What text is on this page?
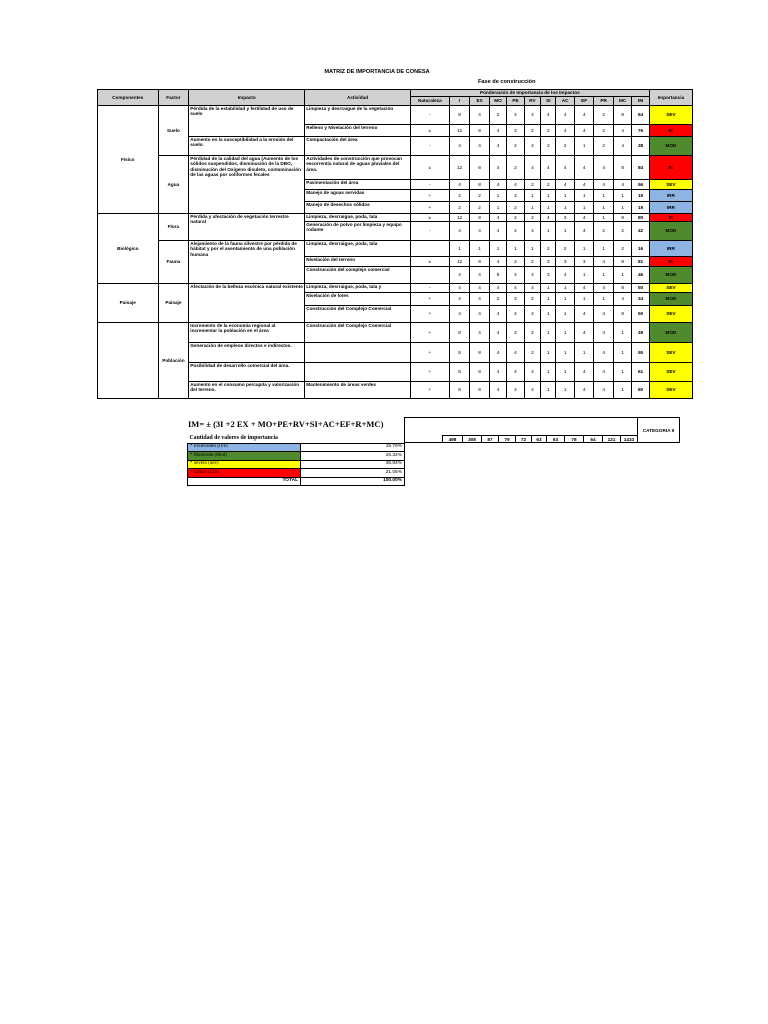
MATRIZ DE IMPORTANCIA DE CONESA
Fase de construcción
Componentes	Factor	Impacto	Actividad	Ponderación de Importancia de los Impactos												Importancia
				Naturaleza	I	EX	MO	PE	RV	SI	AC	EF	PR	MC	IM	
Físico	Suelo	Pérdida de la estabilidad y fertilidad de uso de suelo	Limpieza y desrraigue de la vegetación	-	8	4	2	4	4	4	4	4	2	8	64	SEV
			Relleno y Nivelación del terreno	±	12	8	4	2	2	2	4	4	2	4	76	IC
		Aumento en la susceptibilidad a la erosión del suelo.	Compactación del área	-	4	4	4	2	4	2	2	1	2	4	38	MOD
	Agua	Pérdidad de la calidad del agua (Aumento de los sólidos suspendidos, disminución de la DBO, disminución del Oxigeno disuleto, contaminación de las aguas por coliformes fecales	Actividades de construcción que provocan escorrentía natural de aguas pluviales del área.	±	12	8	4	2	4	4	4	4	4	8	84	IC
			Pavimentación del área	-	4	8	4	4	2	2	4	4	4	4	56	SEV
			Manejo de aguas servidas	+	2	2	1	2	1	1	1	1	1	1	19	IRR
			Manejo de desechos sólidos	+	2	2	1	2	1	1	1	1	1	1	19	IRR
Biológico	Flora	Pérdida y afectación de vegetación terrestre natural	Limpieza, desrraigue, poda, tala	±	12	8	4	2	2	4	3	4	1	8	80	IC
			Generación de polvo por limpieza y equipo rodante	-	4	4	4	4	4	1	1	4	2	2	42	MOD
	Fauna	Alejamiento de la fauna silvestre por pérdida de hábitat y por el asentamiento de una población humana	Limpieza, desrraigue, poda, tala		1	1	1	1	1	2	2	1	1	2	16	IRR
			Nivelación del terreno	±	12	8	4	2	2	3	3	3	4	8	81	IC
			Construcción del complejo comercial		4	4	8	4	4	3	4	1	1	1	46	MOD
Paisaje	Paisaje	Afectación de la belleza escénica natural existente	Limpieza, desrraigue, poda, tala y	-	4	4	4	4	4	1	1	4	4	8	50	SEV
			Nivelación de lotes	+	4	4	2	2	2	1	1	1	1	4	34	MOD
			Construcción del Complejo Comercial	+	4	4	4	4	4	1	1	4	4	8	50	SEV
	Población	Incremento de la economía regional al incrementar la población en el área	Construcción del Complejo Comercial	+	8	4	4	2	2	1	1	4	4	1	49	MOD
		Generación de empleos directos e indirectos.		+	8	8	4	4	2	1	1	1	4	1	55	SEV
		Posibilidad de desarrollo comercial del área.		+	8	8	4	4	4	1	1	4	4	1	61	SEV
		Aumento en el consumo percapita y valorización del terreno.	Mantenimiento de áreas verdes	+	8	8	4	4	4	1	1	4	4	1	60	SEV
IM= ± (3I +2 EX + MO+PE+RV+SI+AC+EF+R+MC)
												CATEGORIA II
	498	308	87	79	72	63	63	78	64	121	1433	
Cantidad de valores de importancia	
* Irrelevantes (Irre)	15.79%
* Moderado (Mod)	26.32%
* Severo (Sev)	36.84%
* Crítico (Crit)	21.05%
TOTAL	100.00%
